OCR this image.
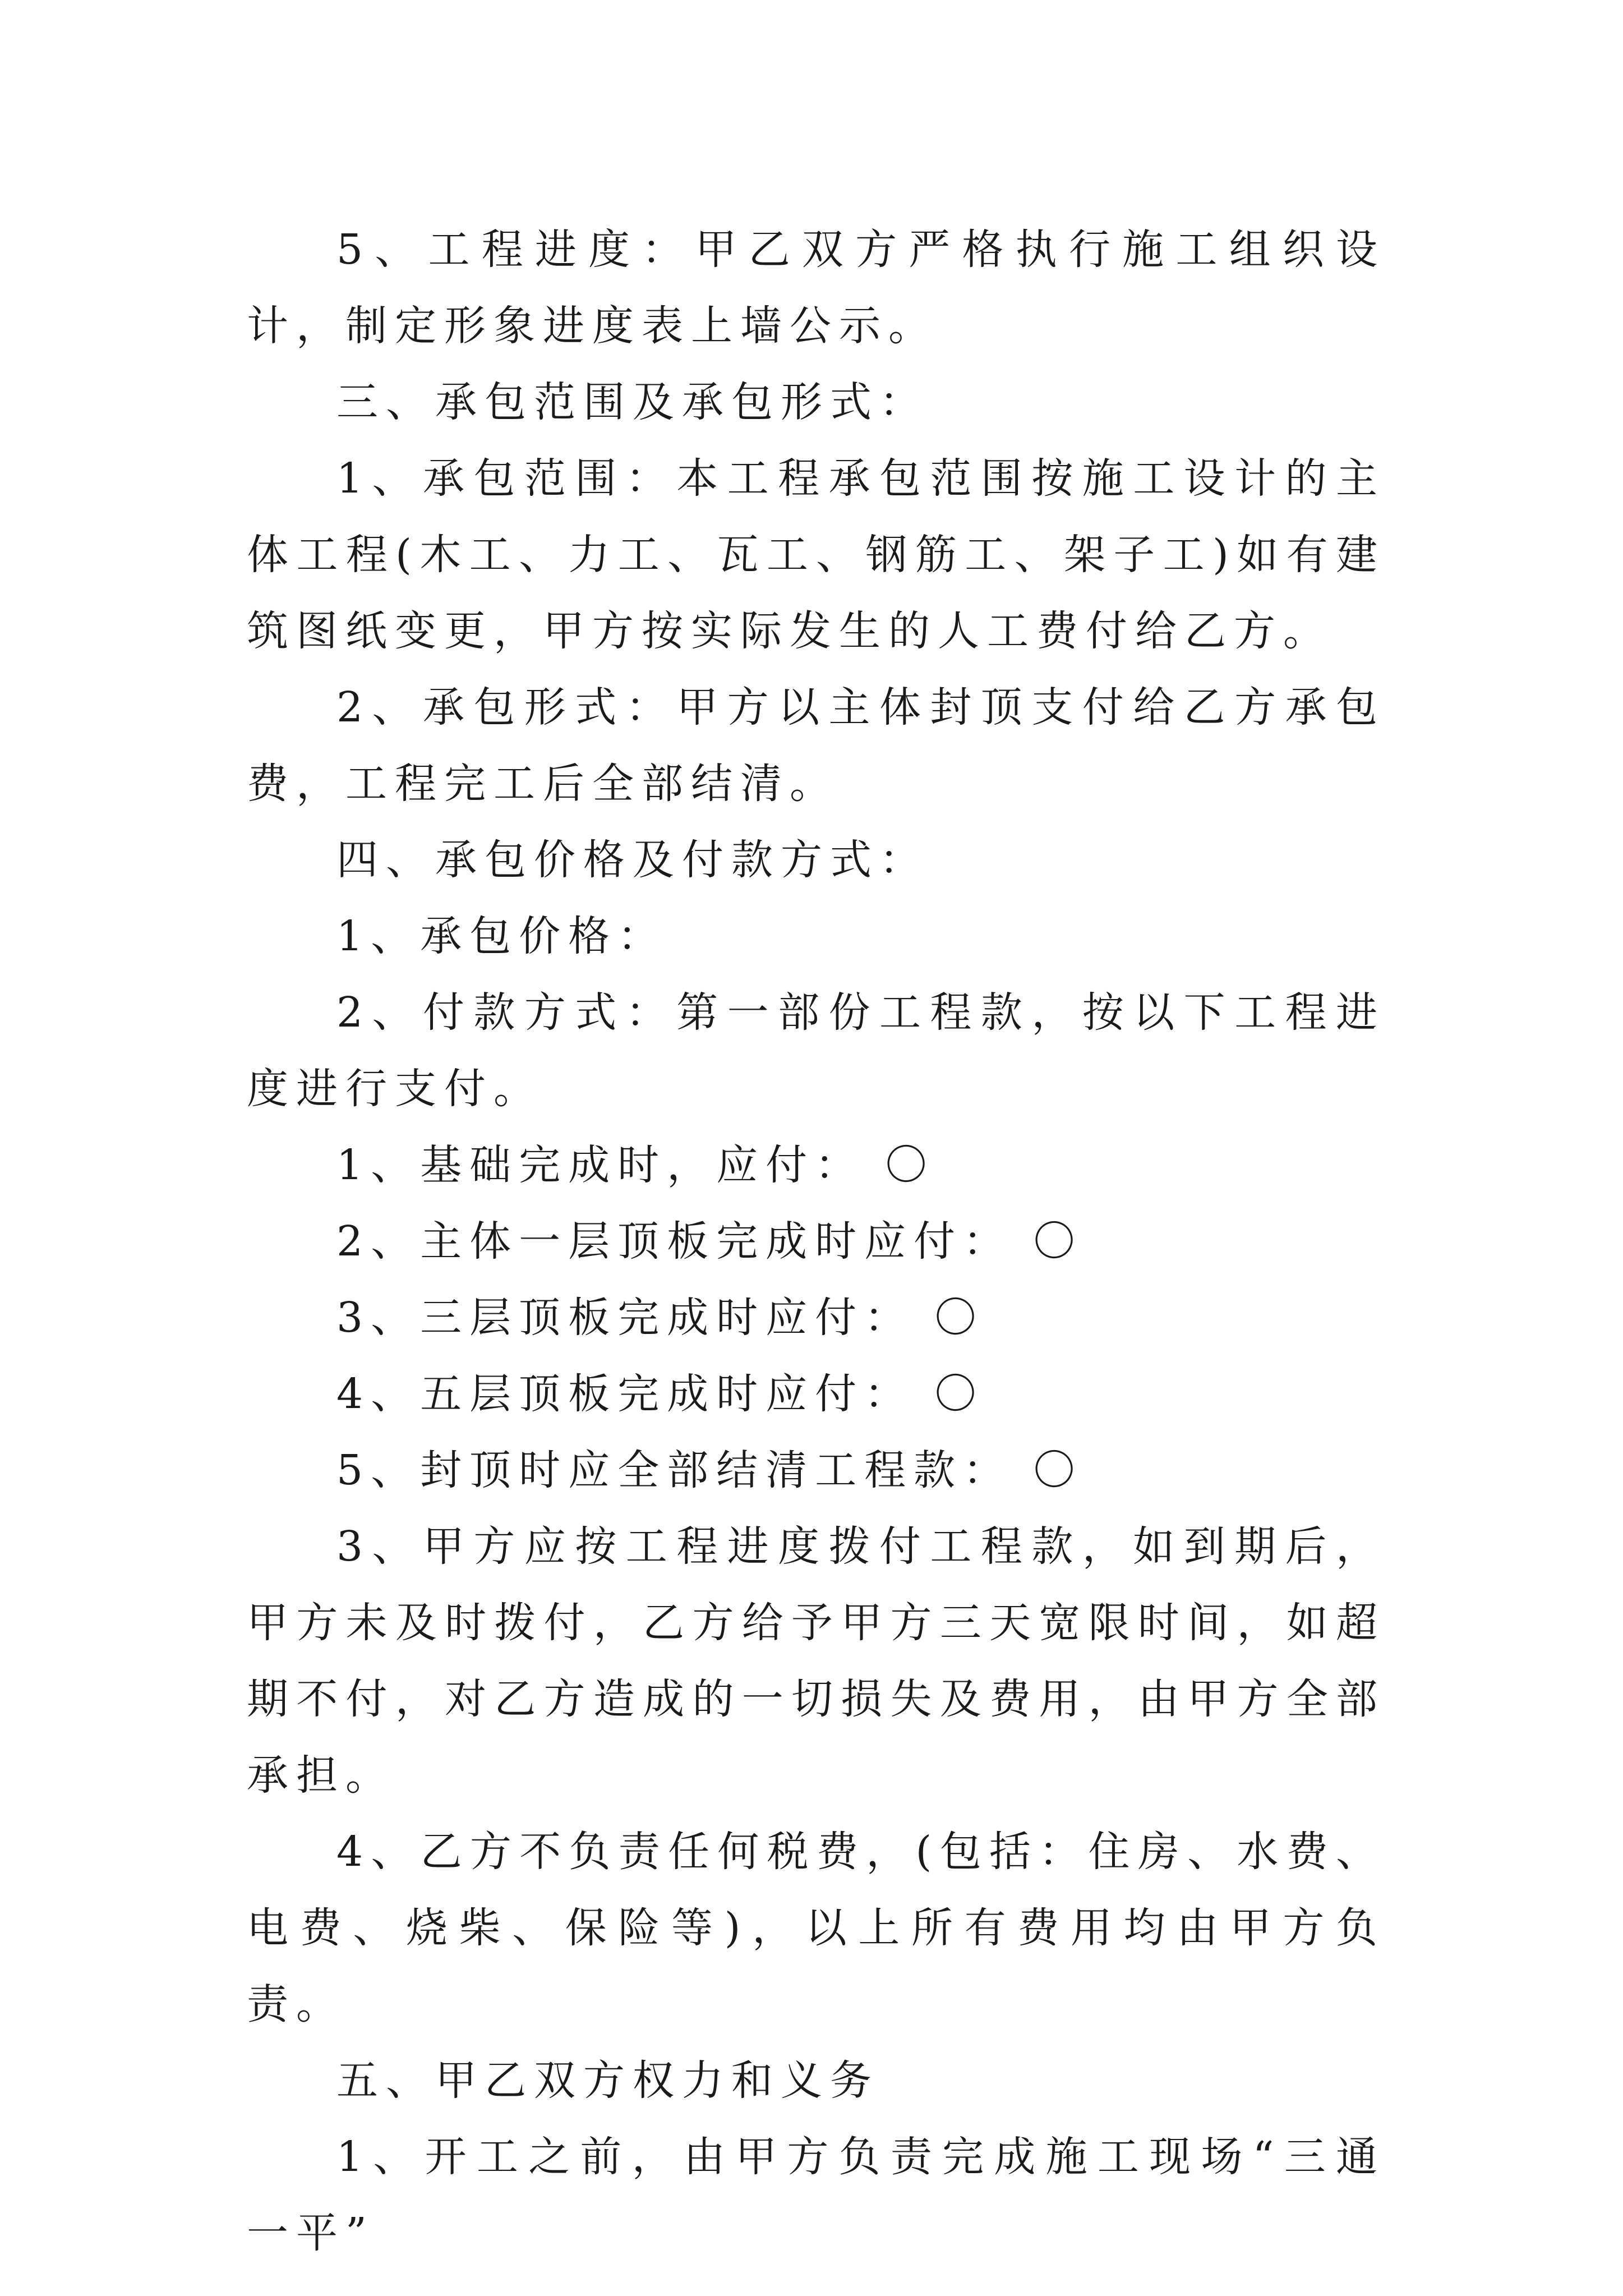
5、工程进度：甲乙双方严格执行施工组织设计，制定形象进度表上墙公示。

三、承包范围及承包形式：

1、承包范围：本工程承包范围按施工设计的主体工程(木工、力工、瓦工、钢筋工、架子工)如有建筑图纸变更，甲方按实际发生的人工费付给乙方。

2、承包形式：甲方以主体封顶支付给乙方承包费，工程完工后全部结清。

四、承包价格及付款方式：

1、承包价格：

2、付款方式：第一部份工程款，按以下工程进度进行支付。

1、基础完成时，应付： 〇

2、主体一层顶板完成时应付： 〇

3、三层顶板完成时应付： 〇

4、五层顶板完成时应付： 〇

5、封顶时应全部结清工程款： 〇

3、甲方应按工程进度拨付工程款，如到期后，甲方未及时拨付，乙方给予甲方三天宽限时间，如超期不付，对乙方造成的一切损失及费用，由甲方全部承担。

4、乙方不负责任何税费，(包括：住房、水费、电费、烧柴、保险等)，以上所有费用均由甲方负责。

五、甲乙双方权力和义务

1、开工之前，由甲方负责完成施工现场“三通一平”
